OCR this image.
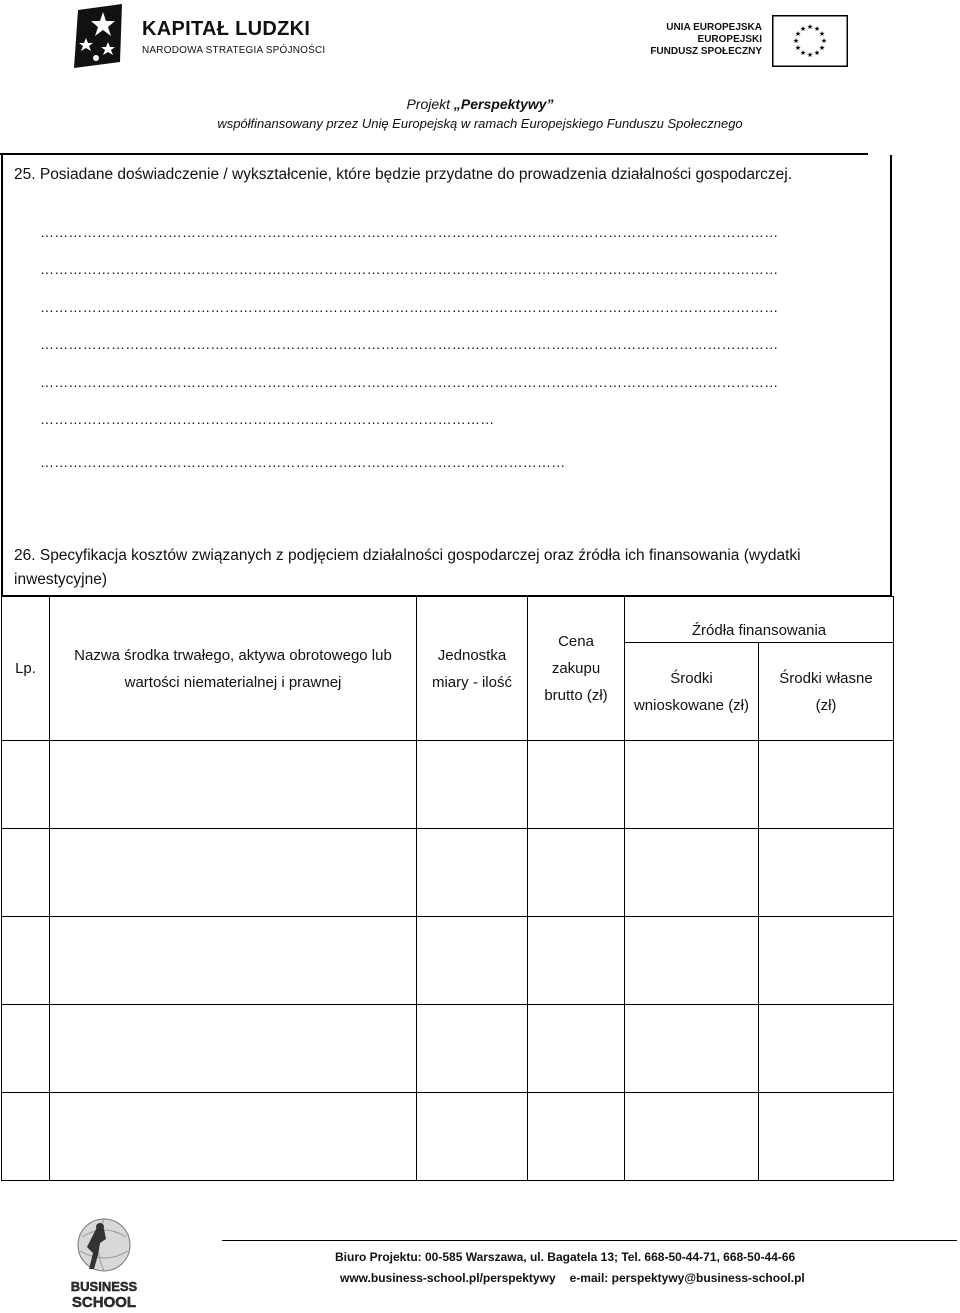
KAPITAŁ LUDZKI
NARODOWA STRATEGIA SPÓJNOŚCI
UNIA EUROPEJSKA
EUROPEJSKI
FUNDUSZ SPOŁECZNY
★ ★
★
★
★
★
★
★
★
★
★
★
Projekt „Perspektywy”
współfinansowany przez Unię Europejską w ramach Europejskiego Funduszu Społecznego
25. Posiadane doświadczenie / wykształcenie, które będzie przydatne do prowadzenia działalności gospodarczej.
…………………………………………………………………………………………………………………………………………
…………………………………………………………………………………………………………………………………………
…………………………………………………………………………………………………………………………………………
…………………………………………………………………………………………………………………………………………
…………………………………………………………………………………………………………………………………………
……………………………………………………………………………………
…………………………………………………………………………………………………
26. Specyfikacja kosztów związanych z podjęciem działalności gospodarczej oraz źródła ich finansowania (wydatki inwestycyjne)
Lp.	Nazwa środka trwałego, aktywa obrotowego lub wartości niematerialnej i prawnej	Jednostka miary - ilość	Cena zakupu brutto (zł)	Źródła finansowania	

				Środki wnioskowane (zł)	Środki własne (zł)

BUSINESS
SCHOOL
Biuro Projektu: 00-585 Warszawa, ul. Bagatela 13; Tel. 668-50-44-71, 668-50-44-66
www.business-school.pl/perspektywy e-mail: perspektywy@business-school.pl
